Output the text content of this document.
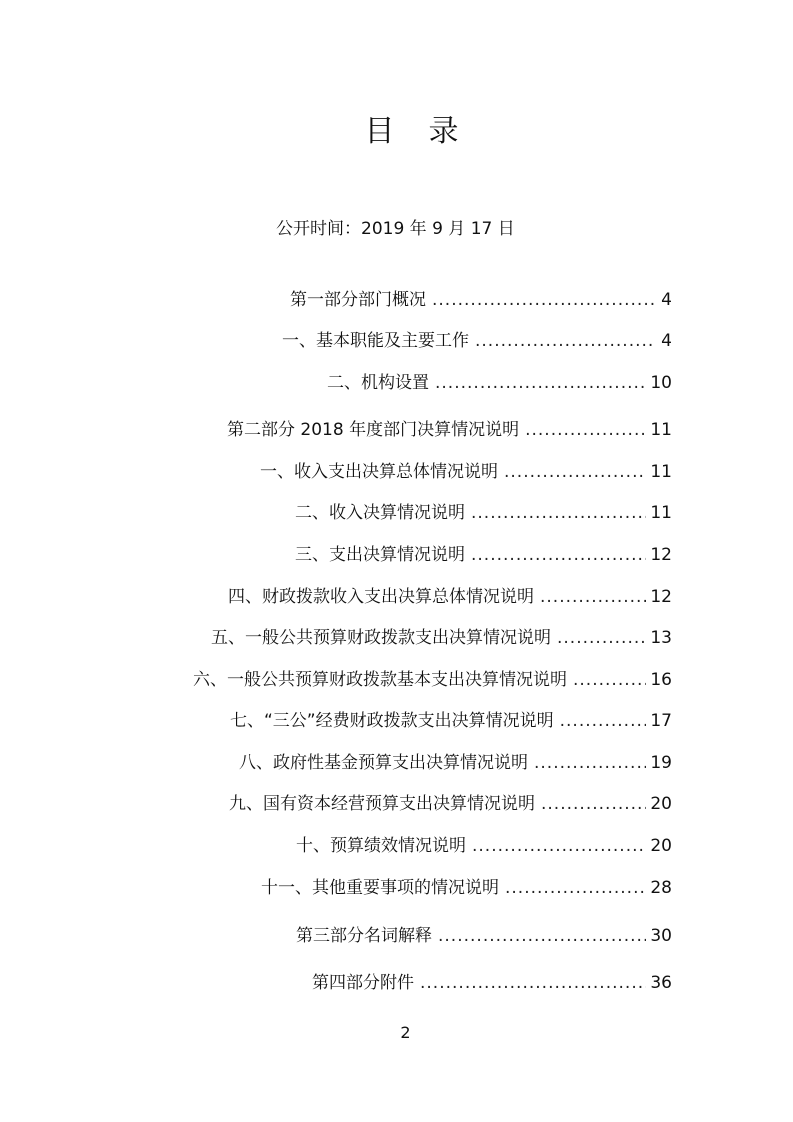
目 录
公开时间：2019 年 9 月 17 日
第一部分部门概况 .....	4
一、基本职能及主要工作 .....	4
二、机构设置 .....	10
第二部分 2018 年度部门决算情况说明 .....	11
一、收入支出决算总体情况说明 .....	11
二、收入决算情况说明 .....	11
三、支出决算情况说明 .....	12
四、财政拨款收入支出决算总体情况说明 .....	12
五、一般公共预算财政拨款支出决算情况说明 .....	13
六、一般公共预算财政拨款基本支出决算情况说明 .....	16
七、“三公”经费财政拨款支出决算情况说明 .....	17
八、政府性基金预算支出决算情况说明 .....	19
九、国有资本经营预算支出决算情况说明 .....	20
十、预算绩效情况说明 .....	20
十一、其他重要事项的情况说明 .....	28
第三部分名词解释 .....	30
第四部分附件 .....	36
2
